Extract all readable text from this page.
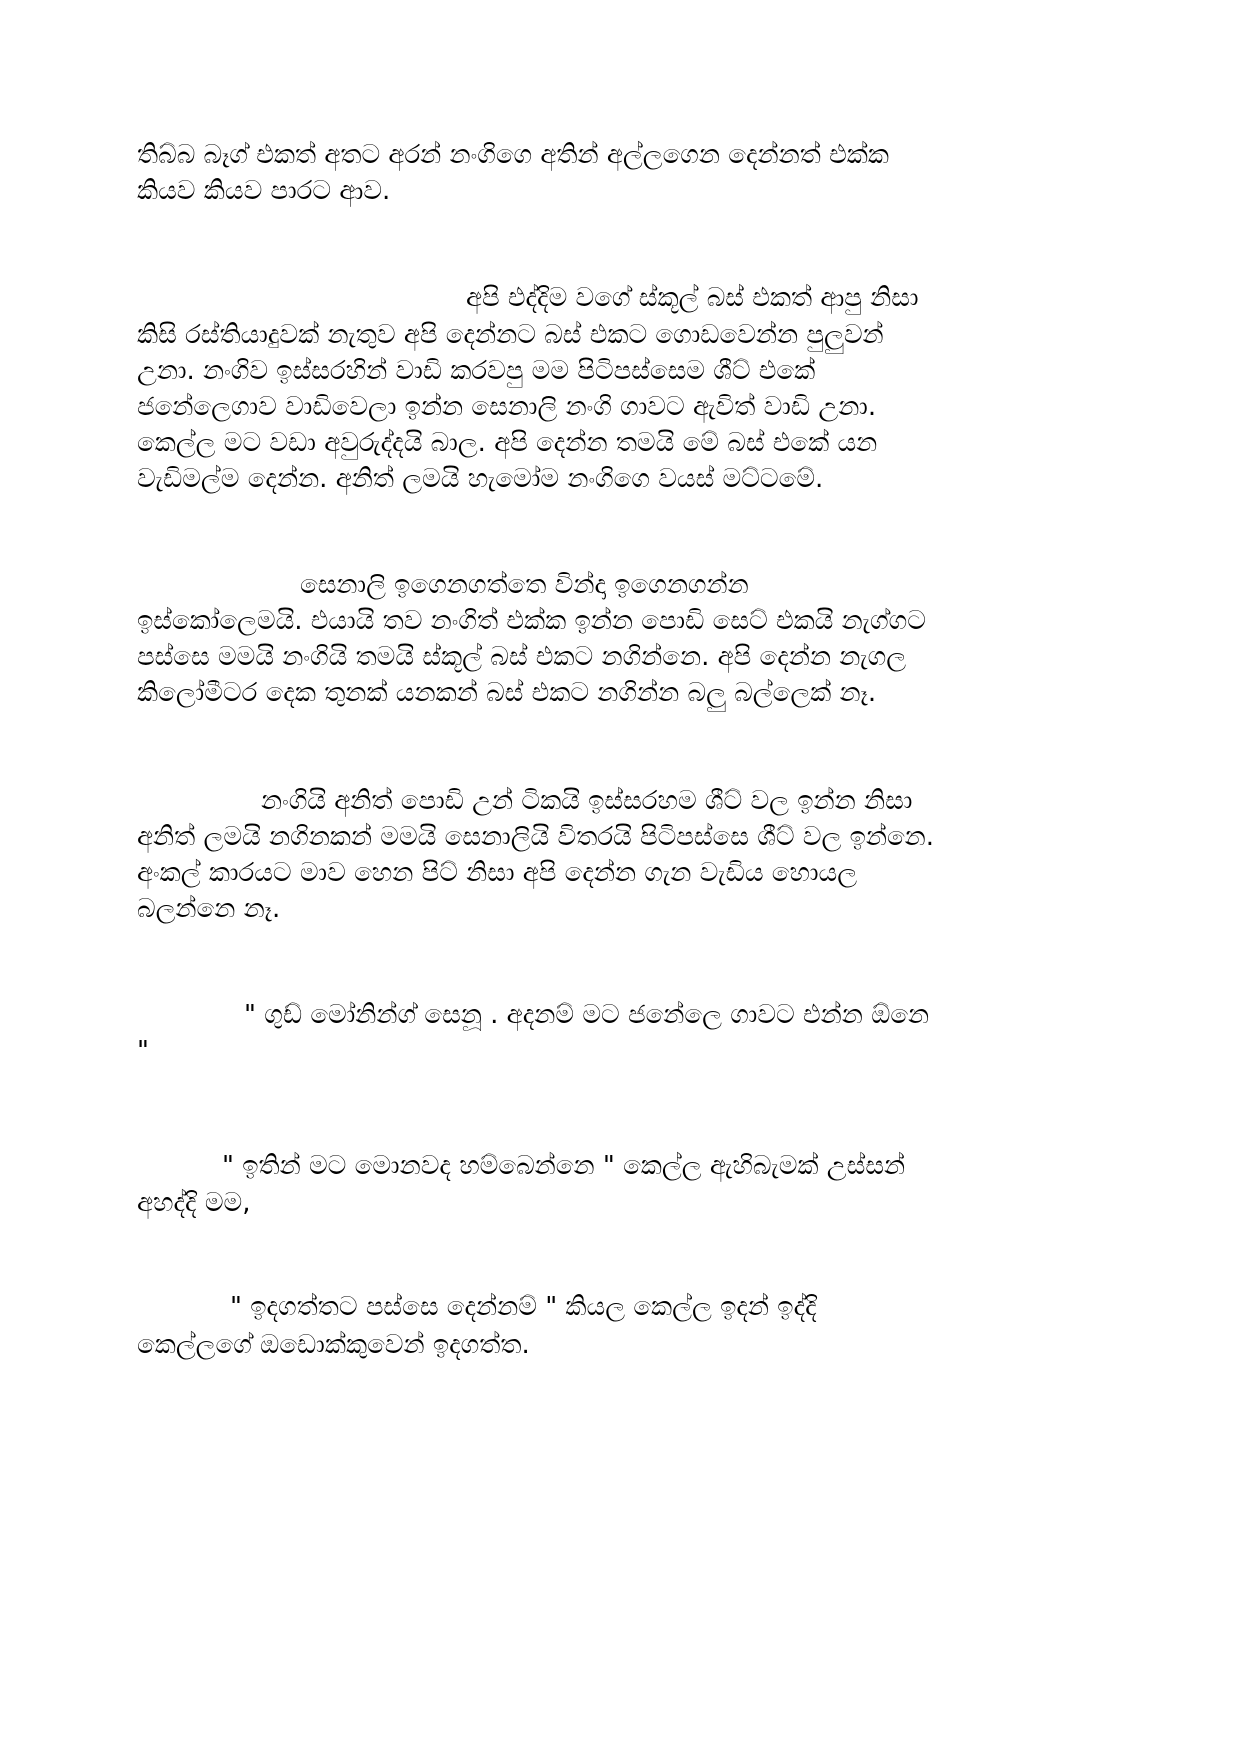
තිබ්බ බෑග් එකත් අතට අරන් නංගිගෙ අතින් අල්ලගෙන දෙන්නත් එක්ක
කියව කියව පාරට ආව.
අපි එද්දිම වගේ ස්කූල් බස් එකත් ආපු නිසා
කිසි රස්තියාදුවක් නැතුව අපි දෙන්නට බස් එකට ගොඩවෙන්න පුලුවන්
උනා. නංගිව ඉස්සරහින් වාඩි කරවපු මම පිටිපස්සෙම ශීට් එකේ
ජනේලෙගාව වාඩිවෙලා ඉන්න සෙනාලි නංගි ගාවට ඇවිත් වාඩි උනා.
කෙල්ල මට වඩා අවුරුද්දයි බාල. අපි දෙන්න තමයි මේ බස් එකේ යන
වැඩිමල්ම දෙන්න. අනිත් ලමයි හැමෝම නංගිගෙ වයස් මට්ටමේ.
සෙනාලි ඉගෙනගත්තෙ වින්දා ඉගෙනගන්න
ඉස්කෝලෙමයි. එයායි තව නංගිත් එක්ක ඉන්න පොඩි සෙට් එකයි නැග්ගට
පස්සෙ මමයි නංගියි තමයි ස්කූල් බස් එකට නගින්නෙ. අපි දෙන්න නැගල
කිලෝමීටර දෙක තුනක් යනකන් බස් එකට නගින්න බලු බල්ලෙක් නෑ.
නංගියි අනිත් පොඩි උන් ටිකයි ඉස්සරහම ශීට් වල ඉන්න නිසා
අනිත් ලමයි නගිනකන් මමයි සෙනාලියි විතරයි පිටිපස්සෙ ශීට් වල ඉන්නෙ.
අංකල් කාරයට මාව හෙන පිට් නිසා අපි දෙන්න ගැන වැඩිය හොයල
බලන්නෙ නෑ.
" ගුඩ් මෝනින්ග් සෙනූ . අදනම් මට ජනේලෙ ගාවට එන්න ඕනෙ
"
" ඉතින් මට මොනවද හම්බෙන්නෙ " කෙල්ල ඇහිබැමක් උස්සන්
අහද්දි මම,
" ඉදගත්තට පස්සෙ දෙන්නම් " කියල කෙල්ල ඉදන් ඉද්දි
කෙල්ලගේ ඔඩොක්කුවෙන් ඉදගත්ත.
